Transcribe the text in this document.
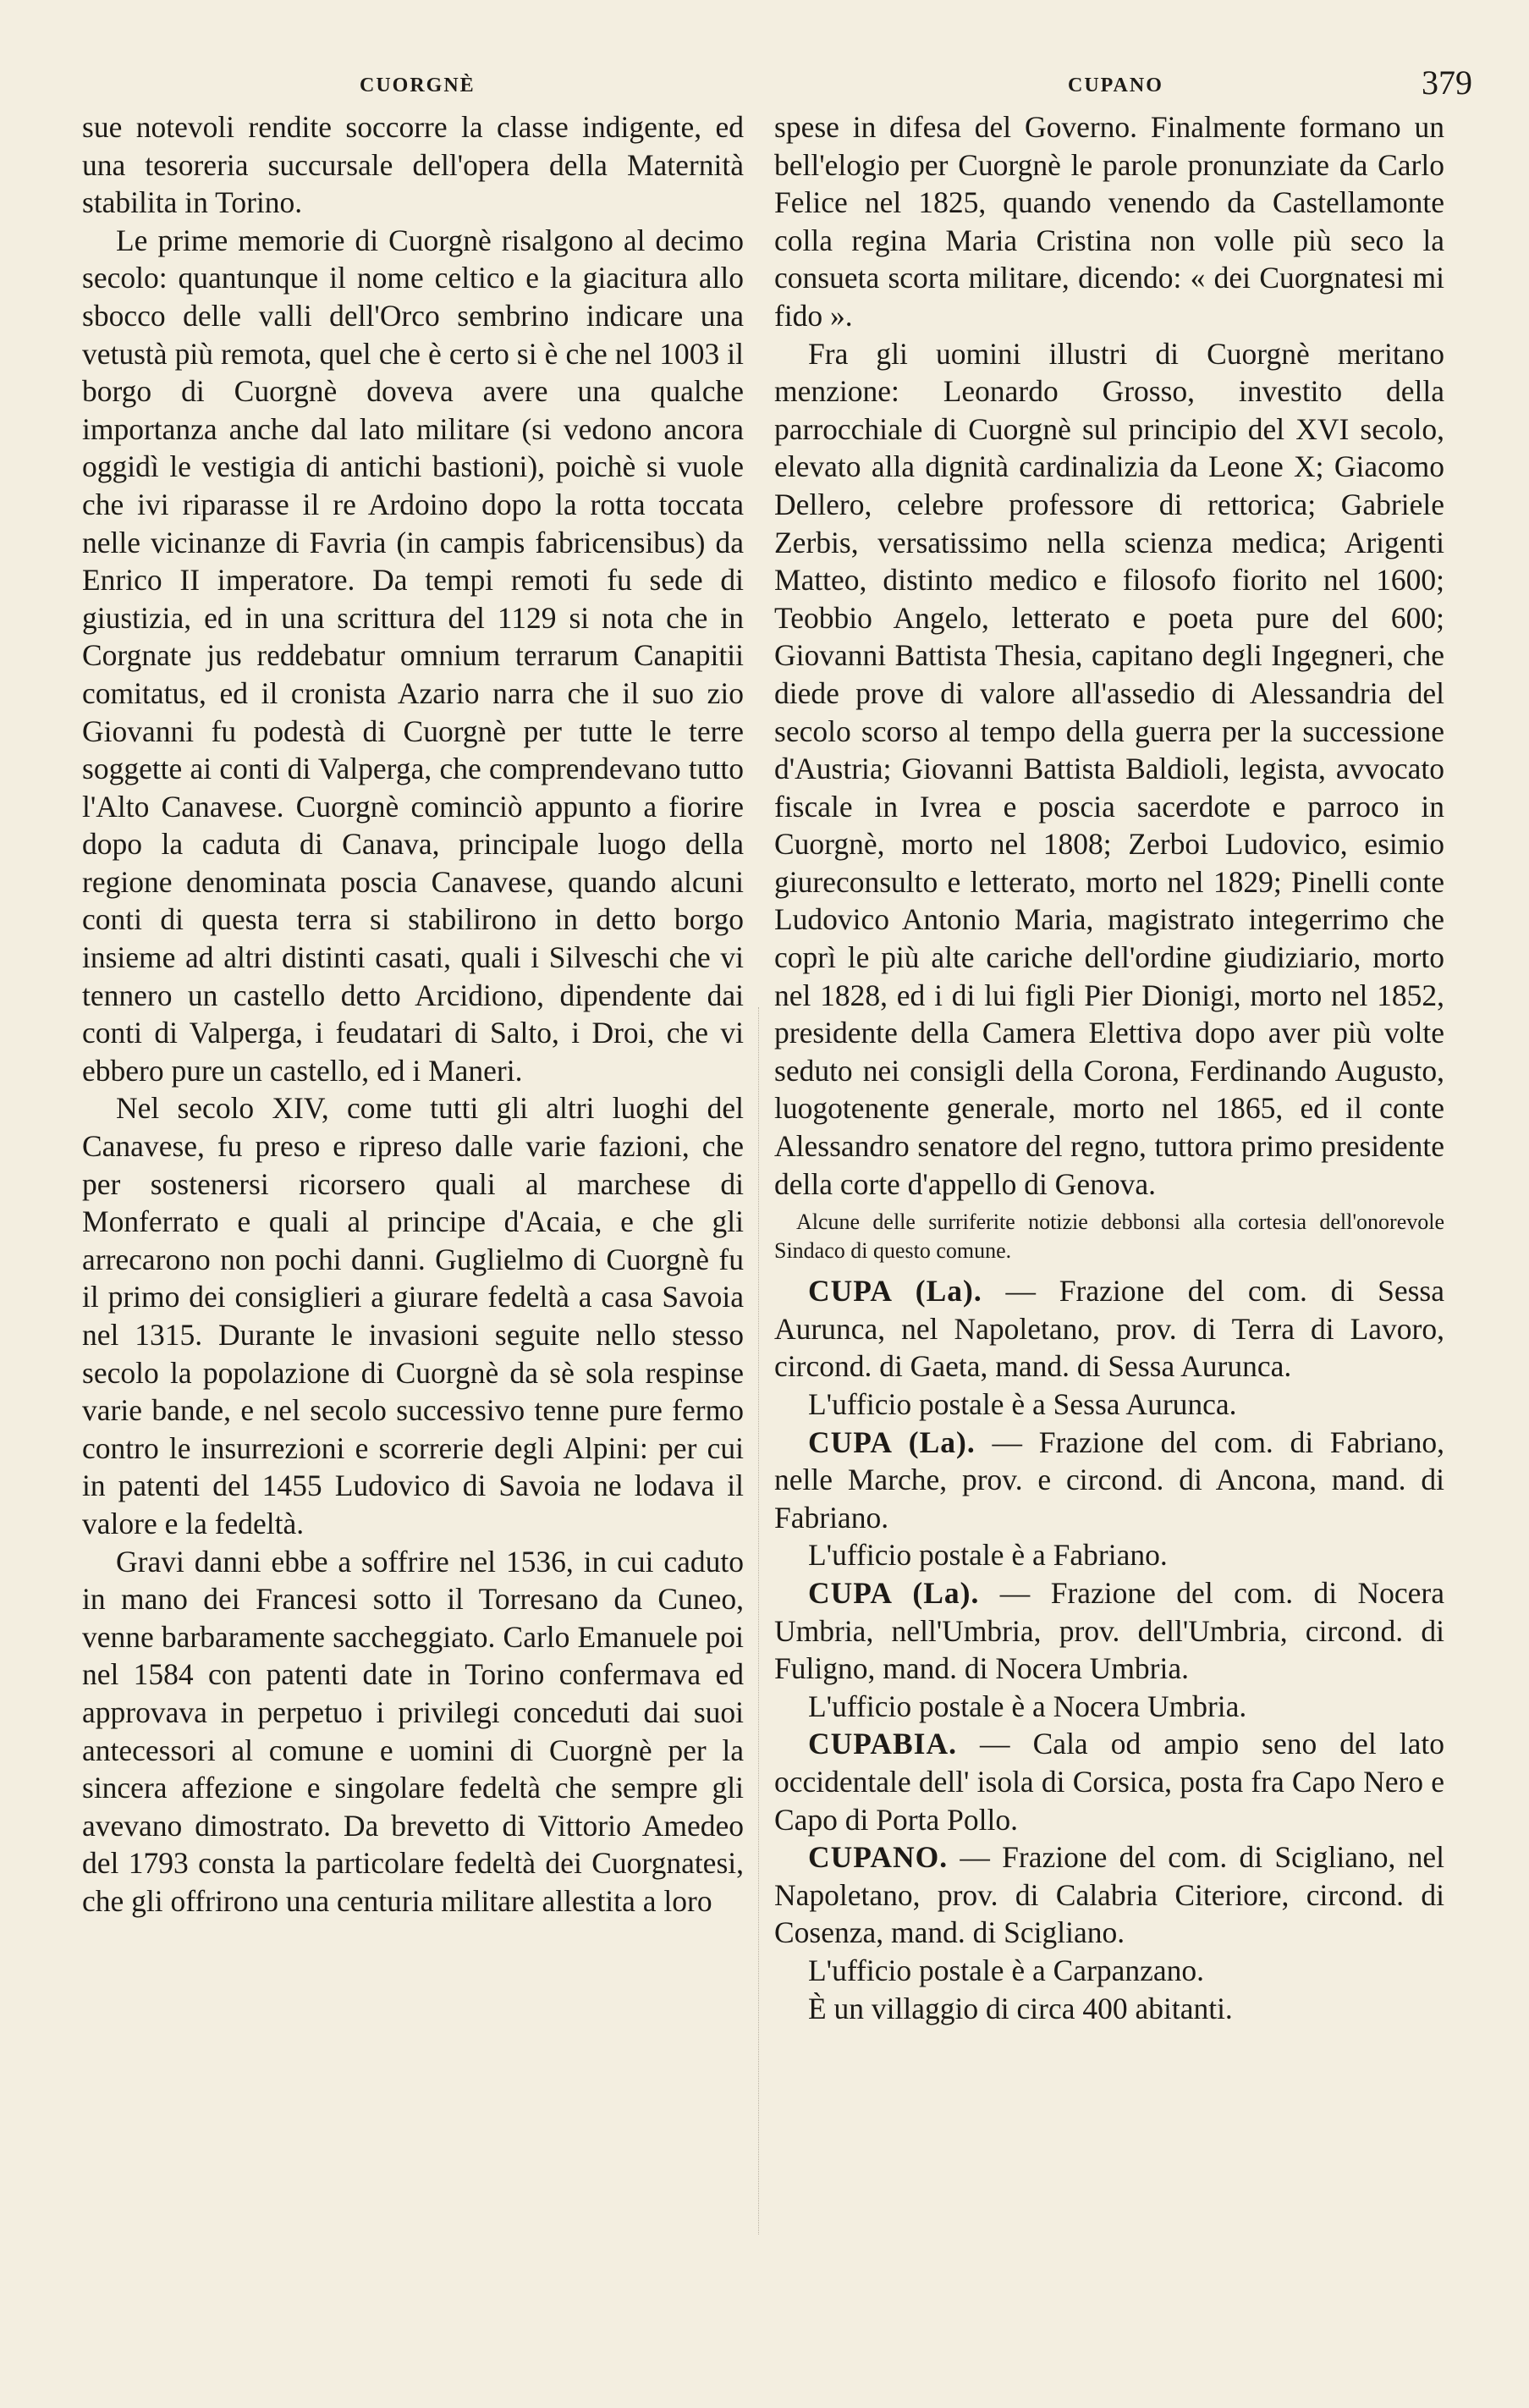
CUORGNÈ	CUPANO	379

sue notevoli rendite soccorre la classe indigente, ed una tesoreria succursale dell'opera della Maternità stabilita in Torino.

Le prime memorie di Cuorgnè risalgono al decimo secolo: quantunque il nome celtico e la giacitura allo sbocco delle valli dell'Orco sembrino indicare una vetustà più remota, quel che è certo si è che nel 1003 il borgo di Cuorgnè doveva avere una qualche importanza anche dal lato militare (si vedono ancora oggidì le vestigia di antichi bastioni), poichè si vuole che ivi riparasse il re Ardoino dopo la rotta toccata nelle vicinanze di Favria (in campis fabricensibus) da Enrico II imperatore. Da tempi remoti fu sede di giustizia, ed in una scrittura del 1129 si nota che in Corgnate jus reddebatur omnium terrarum Canapitii comitatus, ed il cronista Azario narra che il suo zio Giovanni fu podestà di Cuorgnè per tutte le terre soggette ai conti di Valperga, che comprendevano tutto l'Alto Canavese. Cuorgnè cominciò appunto a fiorire dopo la caduta di Canava, principale luogo della regione denominata poscia Canavese, quando alcuni conti di questa terra si stabilirono in detto borgo insieme ad altri distinti casati, quali i Silveschi che vi tennero un castello detto Arcidiono, dipendente dai conti di Valperga, i feudatari di Salto, i Droi, che vi ebbero pure un castello, ed i Maneri.

Nel secolo XIV, come tutti gli altri luoghi del Canavese, fu preso e ripreso dalle varie fazioni, che per sostenersi ricorsero quali al marchese di Monferrato e quali al principe d'Acaia, e che gli arrecarono non pochi danni. Guglielmo di Cuorgnè fu il primo dei consiglieri a giurare fedeltà a casa Savoia nel 1315. Durante le invasioni seguite nello stesso secolo la popolazione di Cuorgnè da sè sola respinse varie bande, e nel secolo successivo tenne pure fermo contro le insurrezioni e scorrerie degli Alpini: per cui in patenti del 1455 Ludovico di Savoia ne lodava il valore e la fedeltà.

Gravi danni ebbe a soffrire nel 1536, in cui caduto in mano dei Francesi sotto il Torresano da Cuneo, venne barbaramente saccheggiato. Carlo Emanuele poi nel 1584 con patenti date in Torino confermava ed approvava in perpetuo i privilegi conceduti dai suoi antecessori al comune e uomini di Cuorgnè per la sincera affezione e singolare fedeltà che sempre gli avevano dimostrato. Da brevetto di Vittorio Amedeo del 1793 consta la particolare fedeltà dei Cuorgnatesi, che gli offrirono una centuria militare allestita a loro

spese in difesa del Governo. Finalmente formano un bell'elogio per Cuorgnè le parole pronunziate da Carlo Felice nel 1825, quando venendo da Castellamonte colla regina Maria Cristina non volle più seco la consueta scorta militare, dicendo: « dei Cuorgnatesi mi fido ».

Fra gli uomini illustri di Cuorgnè meritano menzione: Leonardo Grosso, investito della parrocchiale di Cuorgnè sul principio del XVI secolo, elevato alla dignità cardinalizia da Leone X; Giacomo Dellero, celebre professore di rettorica; Gabriele Zerbis, versatissimo nella scienza medica; Arigenti Matteo, distinto medico e filosofo fiorito nel 1600; Teobbio Angelo, letterato e poeta pure del 600; Giovanni Battista Thesia, capitano degli Ingegneri, che diede prove di valore all'assedio di Alessandria del secolo scorso al tempo della guerra per la successione d'Austria; Giovanni Battista Baldioli, legista, avvocato fiscale in Ivrea e poscia sacerdote e parroco in Cuorgnè, morto nel 1808; Zerboi Ludovico, esimio giureconsulto e letterato, morto nel 1829; Pinelli conte Ludovico Antonio Maria, magistrato integerrimo che coprì le più alte cariche dell'ordine giudiziario, morto nel 1828, ed i di lui figli Pier Dionigi, morto nel 1852, presidente della Camera Elettiva dopo aver più volte seduto nei consigli della Corona, Ferdinando Augusto, luogotenente generale, morto nel 1865, ed il conte Alessandro senatore del regno, tuttora primo presidente della corte d'appello di Genova.

Alcune delle surriferite notizie debbonsi alla cortesia dell'onorevole Sindaco di questo comune.

CUPA (La). — Frazione del com. di Sessa Aurunca, nel Napoletano, prov. di Terra di Lavoro, circond. di Gaeta, mand. di Sessa Aurunca.

L'ufficio postale è a Sessa Aurunca.

CUPA (La). — Frazione del com. di Fabriano, nelle Marche, prov. e circond. di Ancona, mand. di Fabriano.

L'ufficio postale è a Fabriano.

CUPA (La). — Frazione del com. di Nocera Umbria, nell'Umbria, prov. dell'Umbria, circond. di Fuligno, mand. di Nocera Umbria.

L'ufficio postale è a Nocera Umbria.

CUPABIA. — Cala od ampio seno del lato occidentale dell' isola di Corsica, posta fra Capo Nero e Capo di Porta Pollo.

CUPANO. — Frazione del com. di Scigliano, nel Napoletano, prov. di Calabria Citeriore, circond. di Cosenza, mand. di Scigliano.

L'ufficio postale è a Carpanzano.

È un villaggio di circa 400 abitanti.
